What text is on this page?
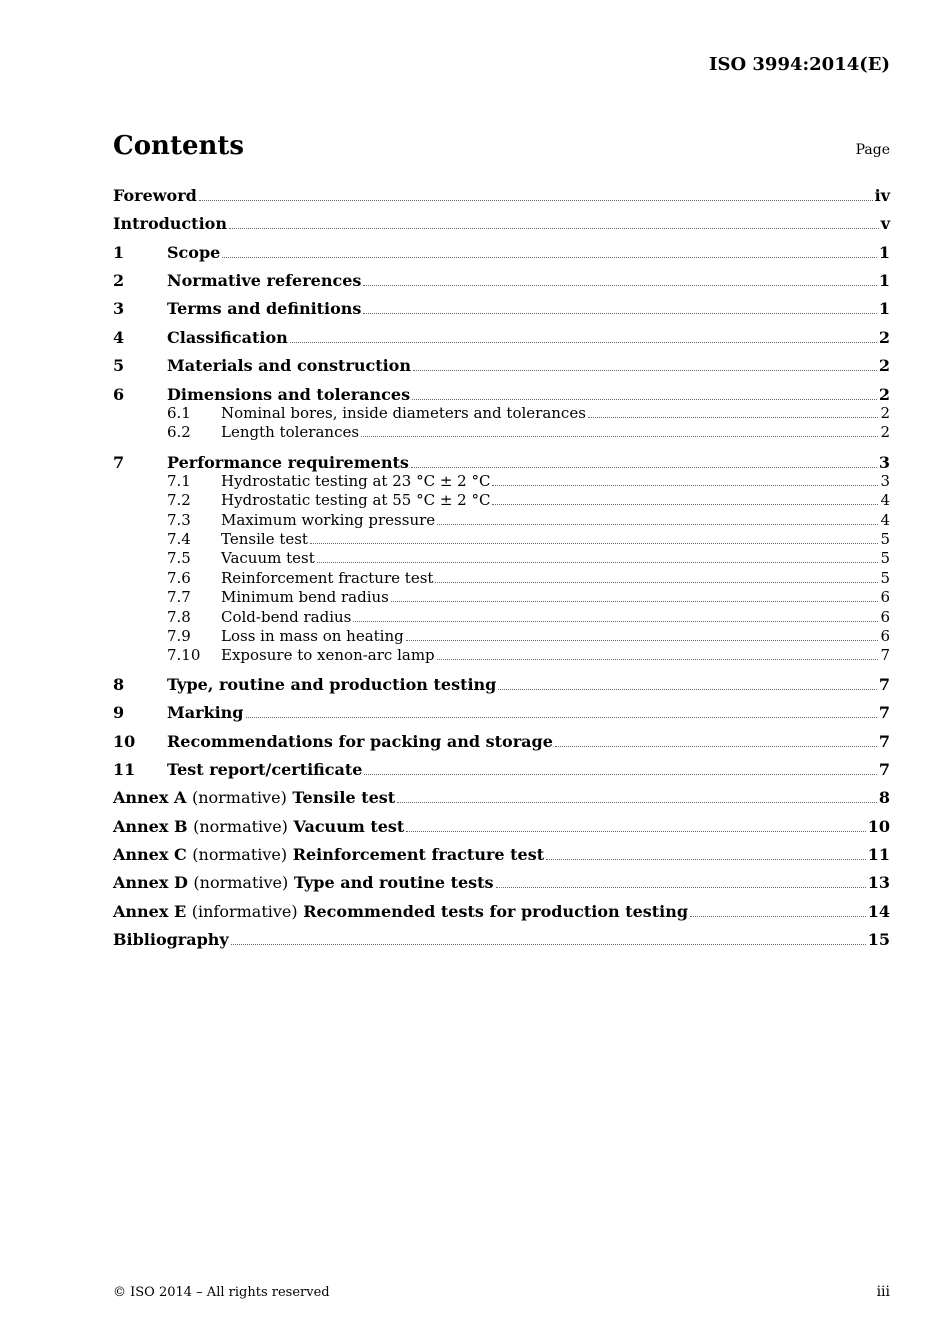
ISO 3994:2014(E)
Contents	Page
Foreword	iv
Introduction	v
1	Scope	1
2	Normative references	1
3	Terms and definitions	1
4	Classification	2
5	Materials and construction	2
6	Dimensions and tolerances	2
6.1	Nominal bores, inside diameters and tolerances	2
6.2	Length tolerances	2
7	Performance requirements	3
7.1	Hydrostatic testing at 23 °C ± 2 °C	3
7.2	Hydrostatic testing at 55 °C ± 2 °C	4
7.3	Maximum working pressure	4
7.4	Tensile test	5
7.5	Vacuum test	5
7.6	Reinforcement fracture test	5
7.7	Minimum bend radius	6
7.8	Cold-bend radius	6
7.9	Loss in mass on heating	6
7.10	Exposure to xenon-arc lamp	7
8	Type, routine and production testing	7
9	Marking	7
10	Recommendations for packing and storage	7
11	Test report/certificate	7
Annex A (normative) Tensile test	8
Annex B (normative) Vacuum test	10
Annex C (normative) Reinforcement fracture test	11
Annex D (normative) Type and routine tests	13
Annex E (informative) Recommended tests for production testing	14
Bibliography	15
© ISO 2014 – All rights reserved	iii
